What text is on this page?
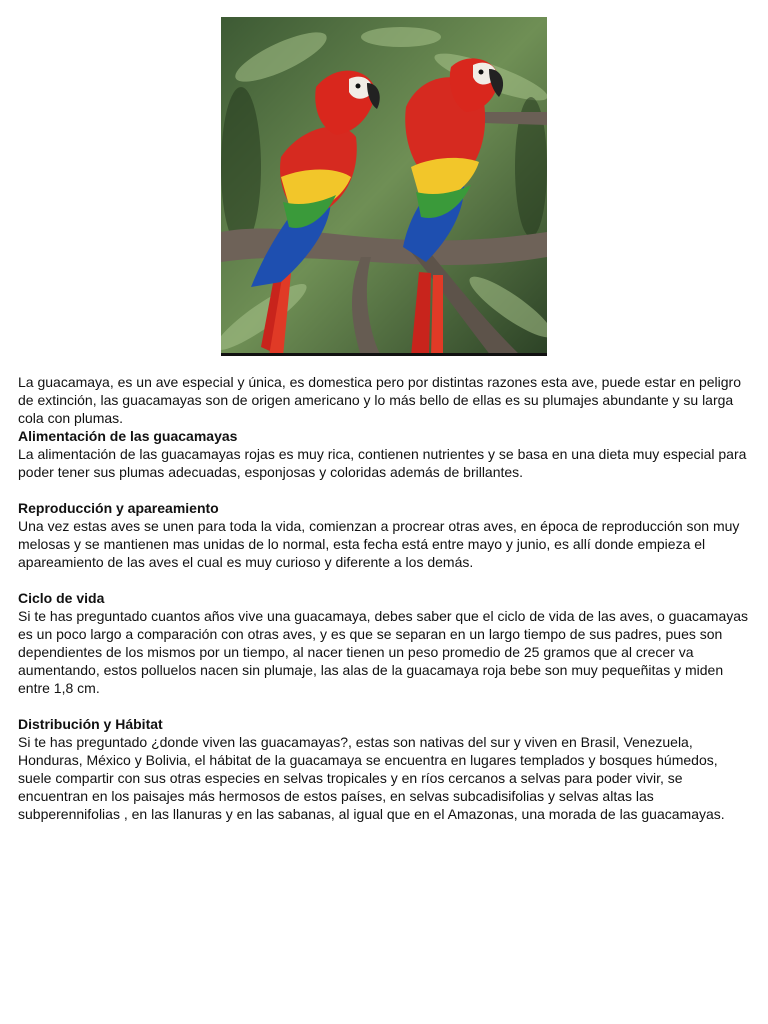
La guacamaya, es un ave especial y única, es domestica pero por distintas razones esta ave, puede estar en peligro de extinción, las guacamayas son de origen americano y lo más bello de ellas es su plumajes abundante y su larga cola con plumas.

Alimentación de las guacamayas

La alimentación de las guacamayas rojas es muy rica, contienen nutrientes y se basa en una dieta muy especial para poder tener sus plumas adecuadas, esponjosas y coloridas además de brillantes.

Reproducción y apareamiento

Una vez estas aves se unen para toda la vida, comienzan a procrear otras aves, en época de reproducción son muy melosas y se mantienen mas unidas de lo normal, esta fecha está entre mayo y junio, es allí donde empieza el apareamiento de las aves el cual es muy curioso y diferente a los demás.

Ciclo de vida

Si te has preguntado cuantos años vive una guacamaya, debes saber que el ciclo de vida de las aves, o guacamayas es un poco largo a comparación con otras aves, y es que se separan en un largo tiempo de sus padres, pues son dependientes de los mismos por un tiempo, al nacer tienen un peso promedio de 25 gramos que al crecer va aumentando, estos polluelos nacen sin plumaje, las alas de la guacamaya roja bebe son muy pequeñitas y miden entre 1,8 cm.

Distribución y Hábitat

Si te has preguntado ¿donde viven las guacamayas?, estas son nativas del sur y viven en Brasil, Venezuela, Honduras, México y Bolivia, el hábitat de la guacamaya se encuentra en lugares templados y bosques húmedos, suele compartir con sus otras especies en selvas tropicales y en ríos cercanos a selvas para poder vivir, se encuentran en los paisajes más hermosos de estos países, en selvas subcadisifolias y selvas altas las subperennifolias , en las llanuras y en las sabanas, al igual que en el Amazonas, una morada de las guacamayas.
